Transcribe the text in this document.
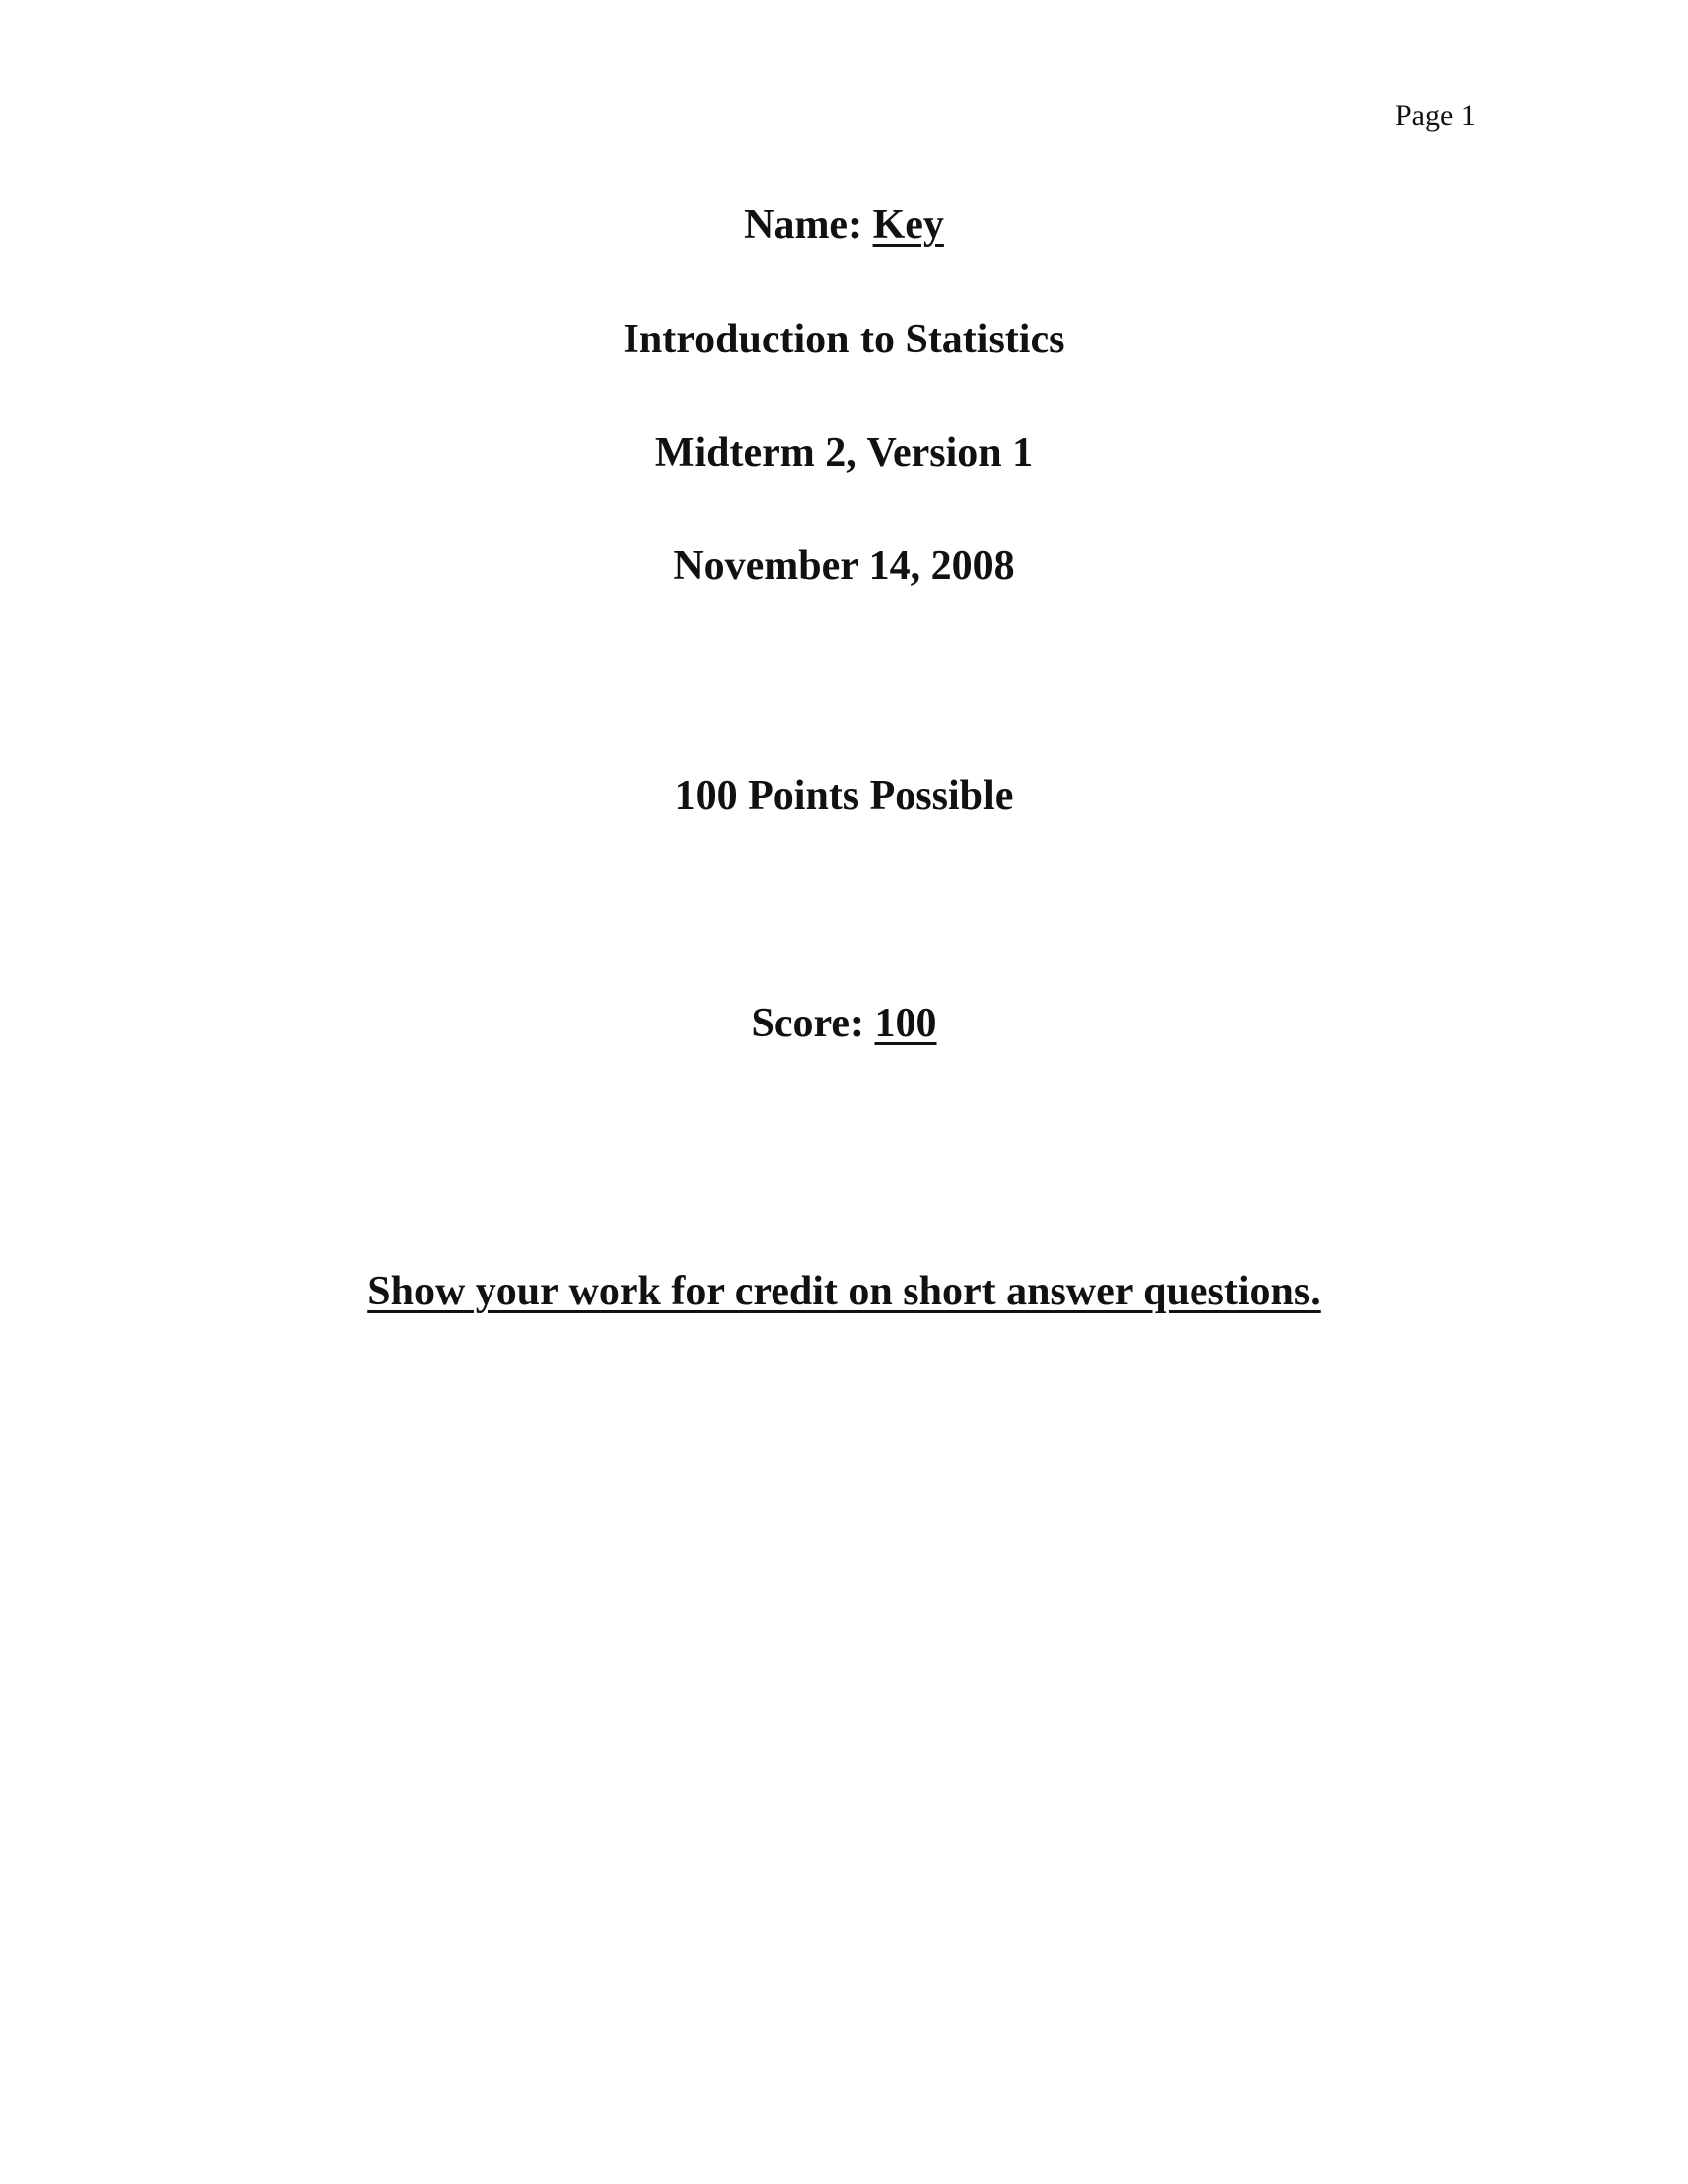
Page 1
Name: Key
Introduction to Statistics
Midterm 2, Version 1
November 14, 2008
100 Points Possible
Score: 100
Show your work for credit on short answer questions.
